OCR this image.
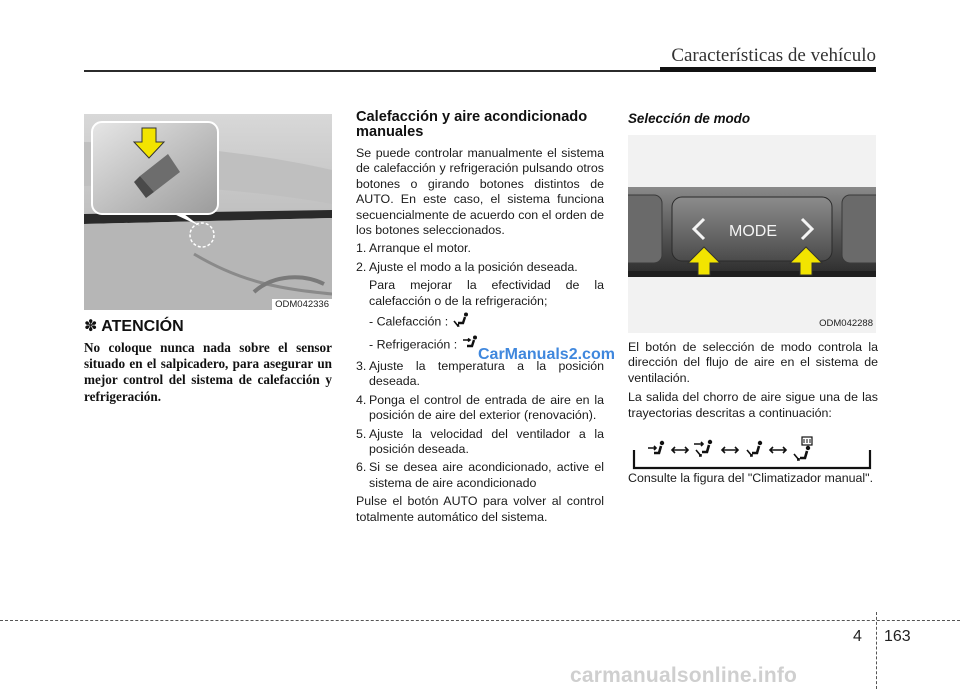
Características de vehículo
ODM042336
✽ ATENCIÓN
No coloque nunca nada sobre el sensor situado en el salpicadero, para asegurar un mejor control del sistema de calefacción y refrigeración.
Calefacción y aire acondicionado manuales

Se puede controlar manualmente el sistema de calefacción y refrigeración pulsando otros botones o girando botones distintos de AUTO. En este caso, el sistema funciona secuencialmente de acuerdo con el orden de los botones seleccionados.

1. Arranque el motor.
2. Ajuste el modo a la posición deseada.
Para mejorar la efectividad de la calefacción o de la refrigeración;
- Calefacción :
- Refrigeración :
3. Ajuste la temperatura a la posición deseada.
4. Ponga el control de entrada de aire en la posición de aire del exterior (renovación).
5. Ajuste la velocidad del ventilador a la posición deseada.
6. Si se desea aire acondicionado, active el sistema de aire acondicionado

Pulse el botón AUTO para volver al control totalmente automático del sistema.

CarManuals2.com
Selección de modo
MODE
ODM042288

El botón de selección de modo controla la dirección del flujo de aire en el sistema de ventilación.

La salida del chorro de aire sigue una de las trayectorias descritas a continuación:

Consulte la figura del "Climatizador manual".

4 163
carmanualsonline.info
